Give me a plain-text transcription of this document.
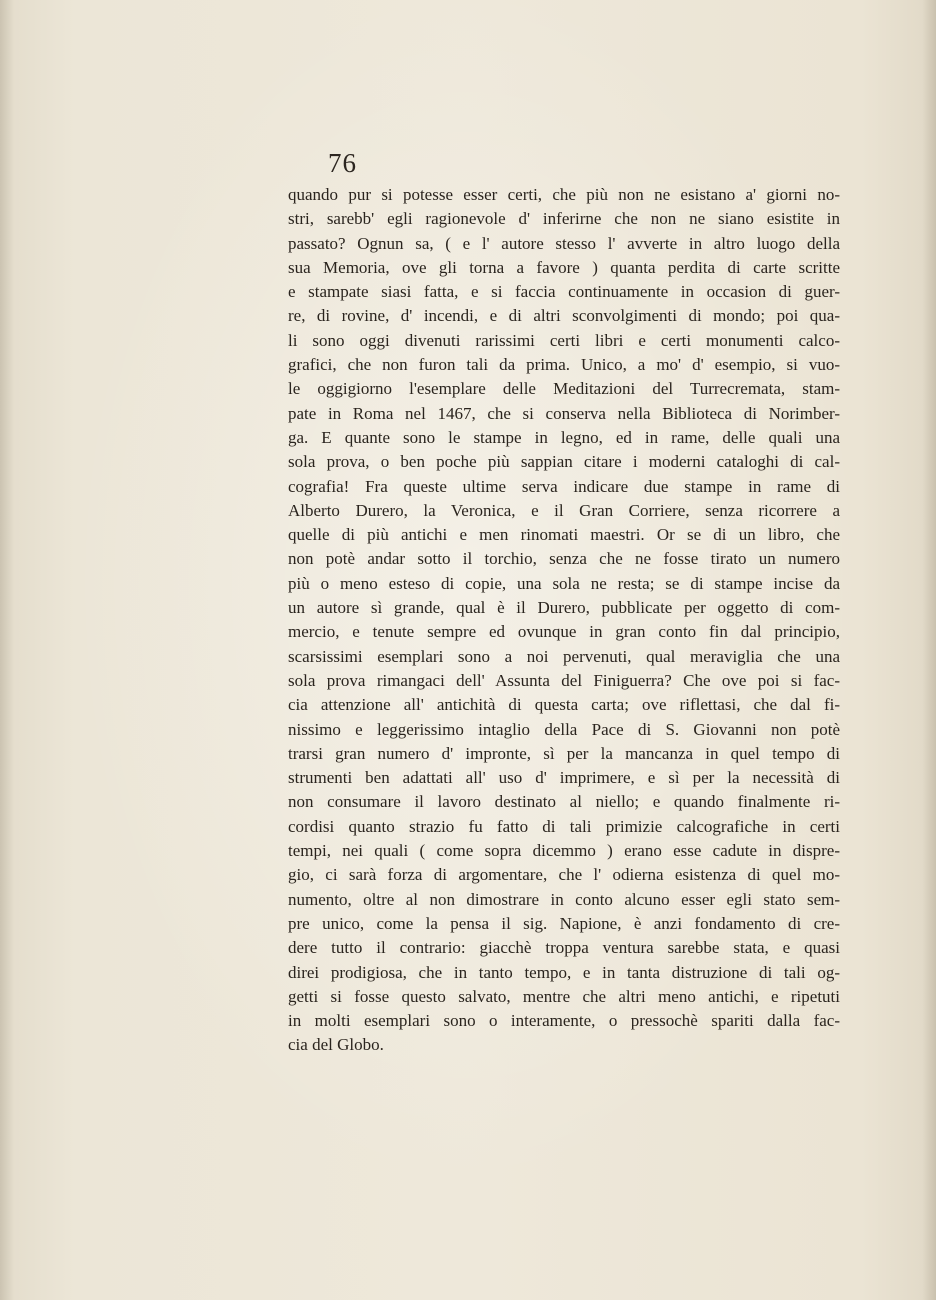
76
quando pur si potesse esser certi, che più non ne esistano a' giorni no-
stri, sarebb' egli ragionevole d' inferirne che non ne siano esistite in
passato? Ognun sa, ( e l' autore stesso l' avverte in altro luogo della
sua Memoria, ove gli torna a favore ) quanta perdita di carte scritte
e stampate siasi fatta, e si faccia continuamente in occasion di guer-
re, di rovine, d' incendi, e di altri sconvolgimenti di mondo; poi qua-
li sono oggi divenuti rarissimi certi libri e certi monumenti calco-
grafici, che non furon tali da prima. Unico, a mo' d' esempio, si vuo-
le oggigiorno l'esemplare delle Meditazioni del Turrecremata, stam-
pate in Roma nel 1467, che si conserva nella Biblioteca di Norimber-
ga. E quante sono le stampe in legno, ed in rame, delle quali una
sola prova, o ben poche più sappian citare i moderni cataloghi di cal-
cografia! Fra queste ultime serva indicare due stampe in rame di
Alberto Durero, la Veronica, e il Gran Corriere, senza ricorrere a
quelle di più antichi e men rinomati maestri. Or se di un libro, che
non potè andar sotto il torchio, senza che ne fosse tirato un numero
più o meno esteso di copie, una sola ne resta; se di stampe incise da
un autore sì grande, qual è il Durero, pubblicate per oggetto di com-
mercio, e tenute sempre ed ovunque in gran conto fin dal principio,
scarsissimi esemplari sono a noi pervenuti, qual meraviglia che una
sola prova rimangaci dell' Assunta del Finiguerra? Che ove poi si fac-
cia attenzione all' antichità di questa carta; ove riflettasi, che dal fi-
nissimo e leggerissimo intaglio della Pace di S. Giovanni non potè
trarsi gran numero d' impronte, sì per la mancanza in quel tempo di
strumenti ben adattati all' uso d' imprimere, e sì per la necessità di
non consumare il lavoro destinato al niello; e quando finalmente ri-
cordisi quanto strazio fu fatto di tali primizie calcografiche in certi
tempi, nei quali ( come sopra dicemmo ) erano esse cadute in dispre-
gio, ci sarà forza di argomentare, che l' odierna esistenza di quel mo-
numento, oltre al non dimostrare in conto alcuno esser egli stato sem-
pre unico, come la pensa il sig. Napione, è anzi fondamento di cre-
dere tutto il contrario: giacchè troppa ventura sarebbe stata, e quasi
direi prodigiosa, che in tanto tempo, e in tanta distruzione di tali og-
getti si fosse questo salvato, mentre che altri meno antichi, e ripetuti
in molti esemplari sono o interamente, o pressochè spariti dalla fac-
cia del Globo.
